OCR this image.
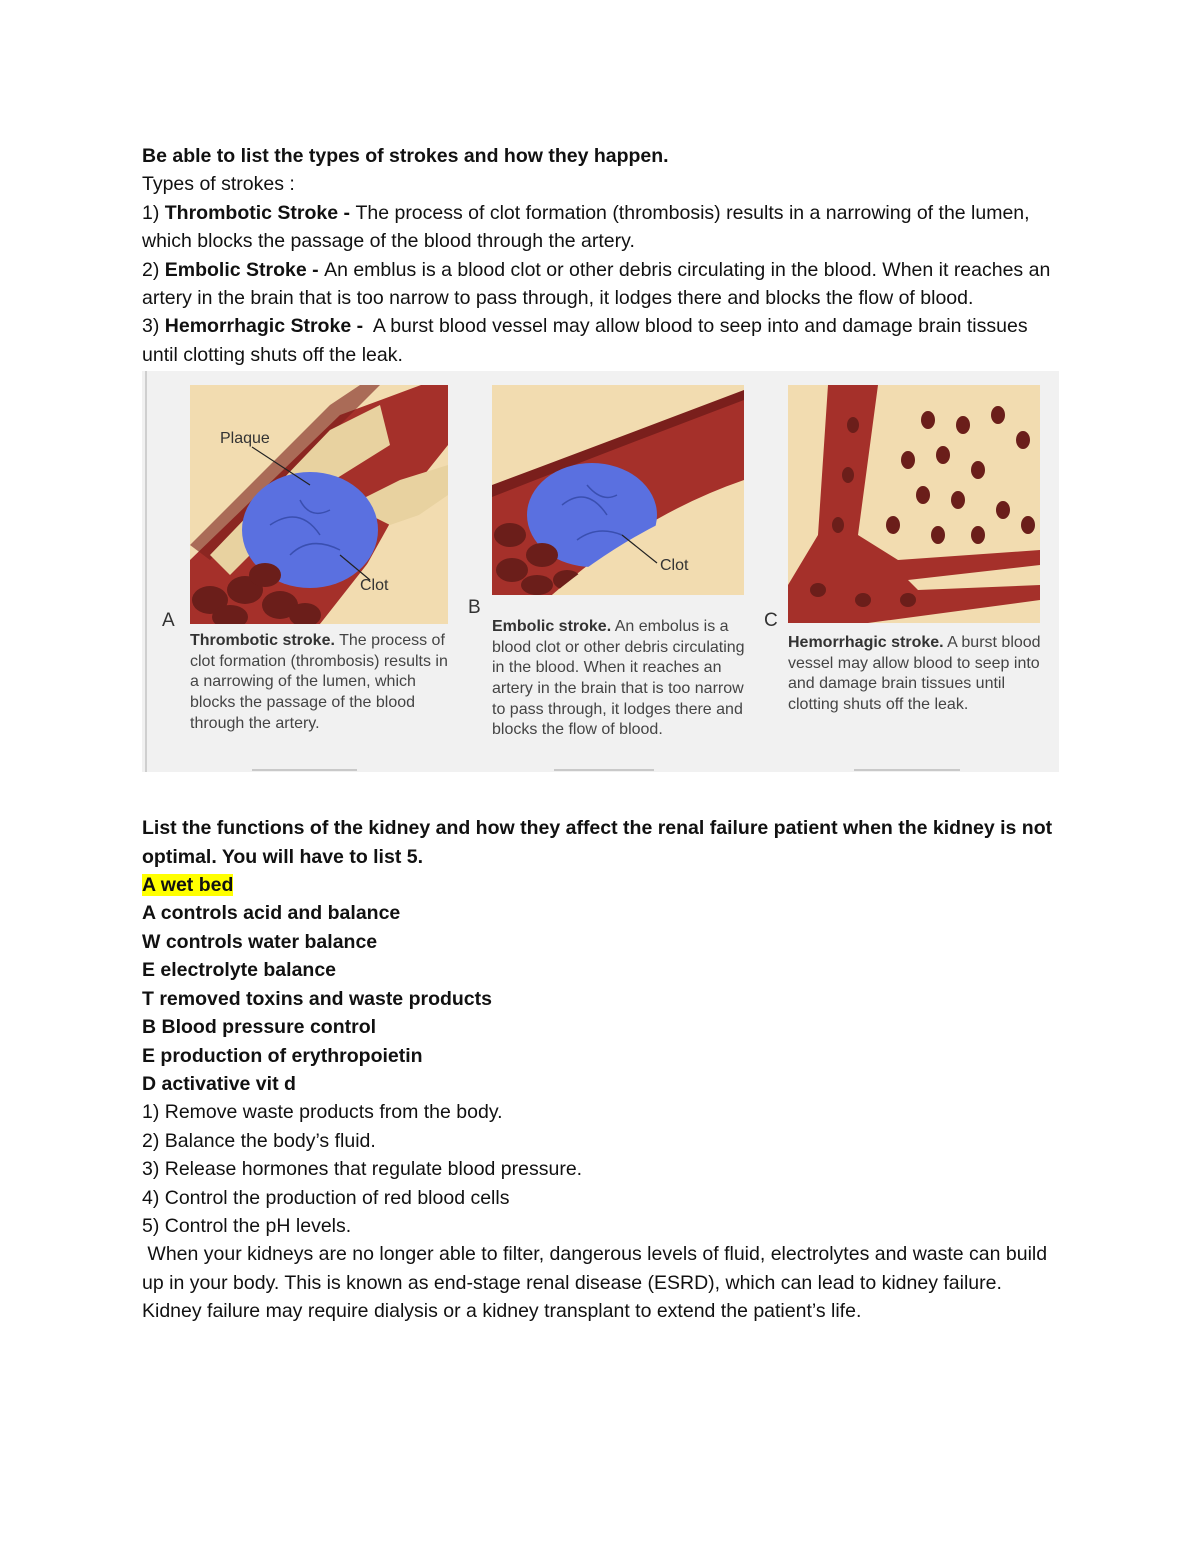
Be able to list the types of strokes and how they happen.

Types of strokes :

1) Thrombotic Stroke - The process of clot formation (thrombosis) results in a narrowing of the lumen, which blocks the passage of the blood through the artery.

2) Embolic Stroke - An emblus is a blood clot or other debris circulating in the blood. When it reaches an artery in the brain that is too narrow to pass through, it lodges there and blocks the flow of blood.

3) Hemorrhagic Stroke -  A burst blood vessel may allow blood to seep into and damage brain tissues until clotting shuts off the leak.

Plaque
Clot
A
Thrombotic stroke. The process of clot formation (thrombosis) results in a narrowing of the lumen, which blocks the passage of the blood through the artery.
Clot
B
Embolic stroke. An embolus is a blood clot or other debris circulating in the blood. When it reaches an artery in the brain that is too narrow to pass through, it lodges there and blocks the flow of blood.
C
Hemorrhagic stroke. A burst blood vessel may allow blood to seep into and damage brain tissues until clotting shuts off the leak.

List the functions of the kidney and how they affect the renal failure patient when the kidney is not optimal. You will have to list 5.

A wet bed

A controls acid and balance

W controls water balance

E electrolyte balance

T removed toxins and waste products

B Blood pressure control

E production of erythropoietin

D activative vit d

1) Remove waste products from the body.

2) Balance the body’s fluid.

3) Release hormones that regulate blood pressure.

4) Control the production of red blood cells

5) Control the pH levels.

When your kidneys are no longer able to filter, dangerous levels of fluid, electrolytes and waste can build up in your body. This is known as end-stage renal disease (ESRD), which can lead to kidney failure. Kidney failure may require dialysis or a kidney transplant to extend the patient’s life.
